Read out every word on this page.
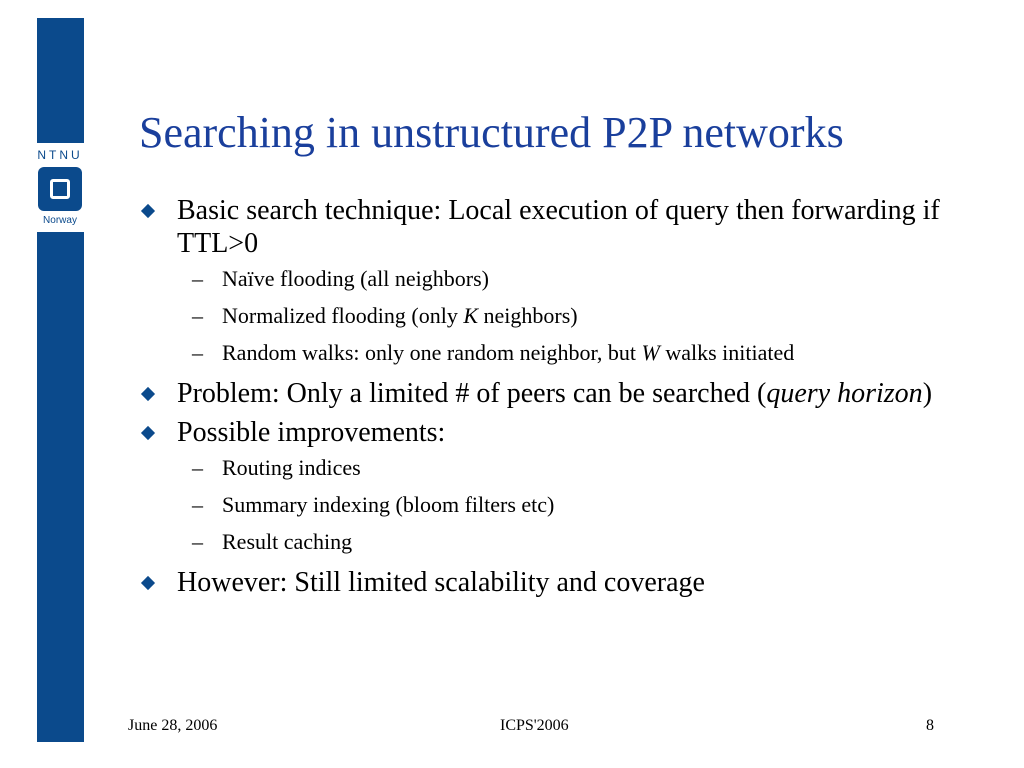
NTNU
Norway
Searching in unstructured P2P networks
Basic search technique: Local execution of query then forwarding if TTL>0
– Naïve flooding (all neighbors)
– Normalized flooding (only K neighbors)
– Random walks: only one random neighbor, but W walks initiated
Problem: Only a limited # of peers can be searched (query horizon)
Possible improvements:
– Routing indices
– Summary indexing (bloom filters etc)
– Result caching
However: Still limited scalability and coverage
June 28, 2006	ICPS'2006	8
